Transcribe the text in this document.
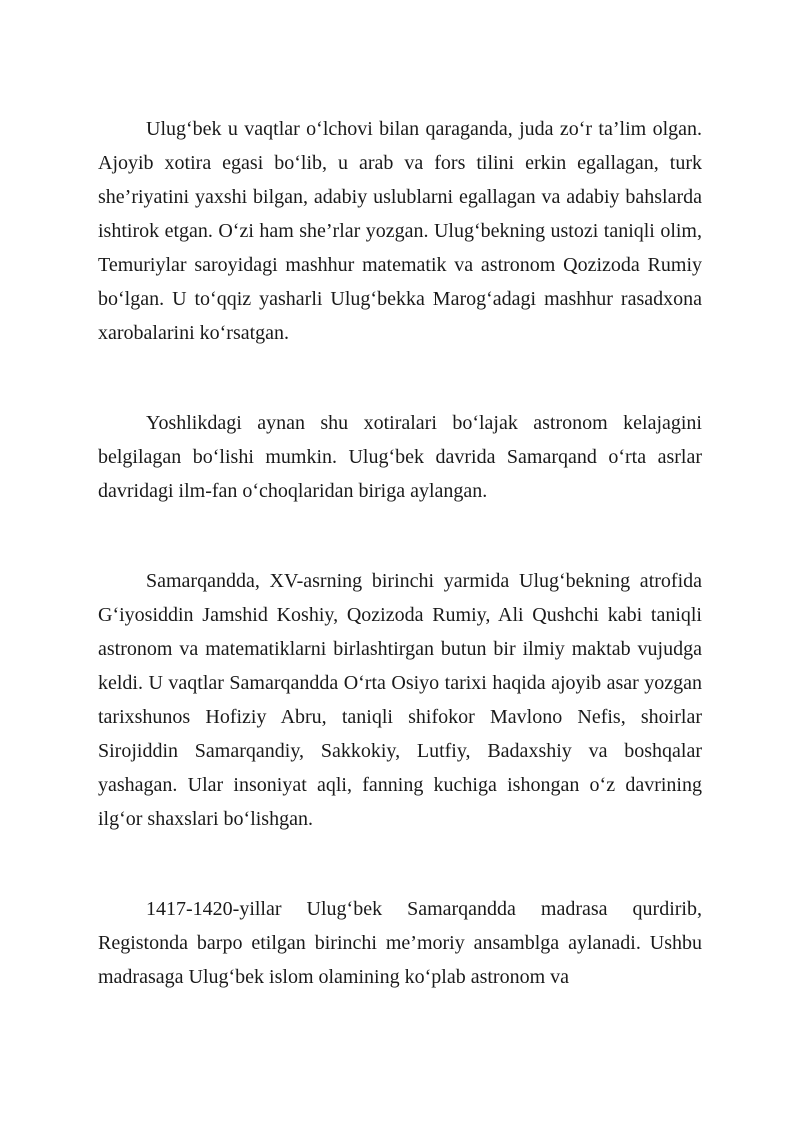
Ulug‘bek u vaqtlar o‘lchovi bilan qaraganda, juda zo‘r ta’lim olgan. Ajoyib xotira egasi bo‘lib, u arab va fors tilini erkin egallagan, turk she’riyatini yaxshi bilgan, adabiy uslublarni egallagan va adabiy bahslarda ishtirok etgan. O‘zi ham she’rlar yozgan. Ulug‘bekning ustozi taniqli olim, Temuriylar saroyidagi mashhur matematik va astronom Qozizoda Rumiy bo‘lgan. U to‘qqiz yasharli Ulug‘bekka Marog‘adagi mashhur rasadxona xarobalarini ko‘rsatgan.

Yoshlikdagi aynan shu xotiralari bo‘lajak astronom kelajagini belgilagan bo‘lishi mumkin. Ulug‘bek davrida Samarqand o‘rta asrlar davridagi ilm-fan o‘choqlaridan biriga aylangan.

Samarqandda, XV-asrning birinchi yarmida Ulug‘bekning atrofida G‘iyosiddin Jamshid Koshiy, Qozizoda Rumiy, Ali Qushchi kabi taniqli astronom va matematiklarni birlashtirgan butun bir ilmiy maktab vujudga keldi. U vaqtlar Samarqandda O‘rta Osiyo tarixi haqida ajoyib asar yozgan tarixshunos Hofiziy Abru, taniqli shifokor Mavlono Nefis, shoirlar Sirojiddin Samarqandiy, Sakkokiy, Lutfiy, Badaxshiy va boshqalar yashagan. Ular insoniyat aqli, fanning kuchiga ishongan o‘z davrining ilg‘or shaxslari bo‘lishgan.

1417-1420-yillar Ulug‘bek Samarqandda madrasa qurdirib, Registonda barpo etilgan birinchi me’moriy ansamblga aylanadi. Ushbu madrasaga Ulug‘bek islom olamining ko‘plab astronom va
